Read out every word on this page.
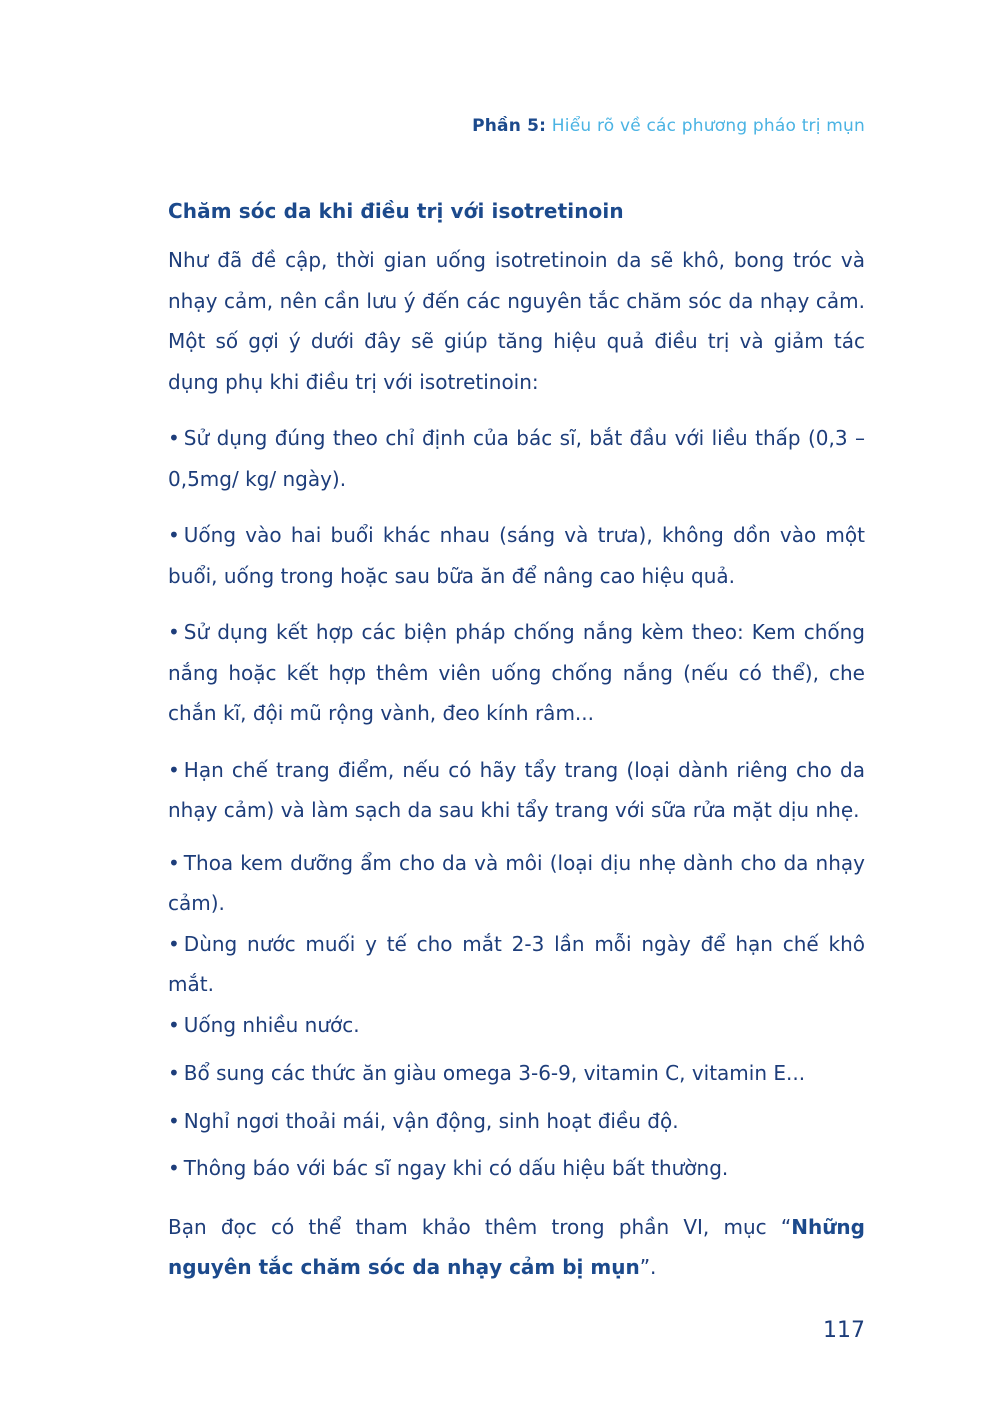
Phần 5: Hiểu rõ về các phương pháo trị mụn
Chăm sóc da khi điều trị với isotretinoin

Như đã đề cập, thời gian uống isotretinoin da sẽ khô, bong tróc và nhạy cảm, nên cần lưu ý đến các nguyên tắc chăm sóc da nhạy cảm. Một số gợi ý dưới đây sẽ giúp tăng hiệu quả điều trị và giảm tác dụng phụ khi điều trị với isotretinoin:

• Sử dụng đúng theo chỉ định của bác sĩ, bắt đầu với liều thấp (0,3 – 0,5mg/ kg/ ngày).
• Uống vào hai buổi khác nhau (sáng và trưa), không dồn vào một buổi, uống trong hoặc sau bữa ăn để nâng cao hiệu quả.
• Sử dụng kết hợp các biện pháp chống nắng kèm theo: Kem chống nắng hoặc kết hợp thêm viên uống chống nắng (nếu có thể), che chắn kĩ, đội mũ rộng vành, đeo kính râm...
• Hạn chế trang điểm, nếu có hãy tẩy trang (loại dành riêng cho da nhạy cảm) và làm sạch da sau khi tẩy trang với sữa rửa mặt dịu nhẹ.
• Thoa kem dưỡng ẩm cho da và môi (loại dịu nhẹ dành cho da nhạy cảm).
• Dùng nước muối y tế cho mắt 2-3 lần mỗi ngày để hạn chế khô mắt.
• Uống nhiều nước.
• Bổ sung các thức ăn giàu omega 3-6-9, vitamin C, vitamin E...
• Nghỉ ngơi thoải mái, vận động, sinh hoạt điều độ.
• Thông báo với bác sĩ ngay khi có dấu hiệu bất thường.

Bạn đọc có thể tham khảo thêm trong phần VI, mục “Những nguyên tắc chăm sóc da nhạy cảm bị mụn”.

117
